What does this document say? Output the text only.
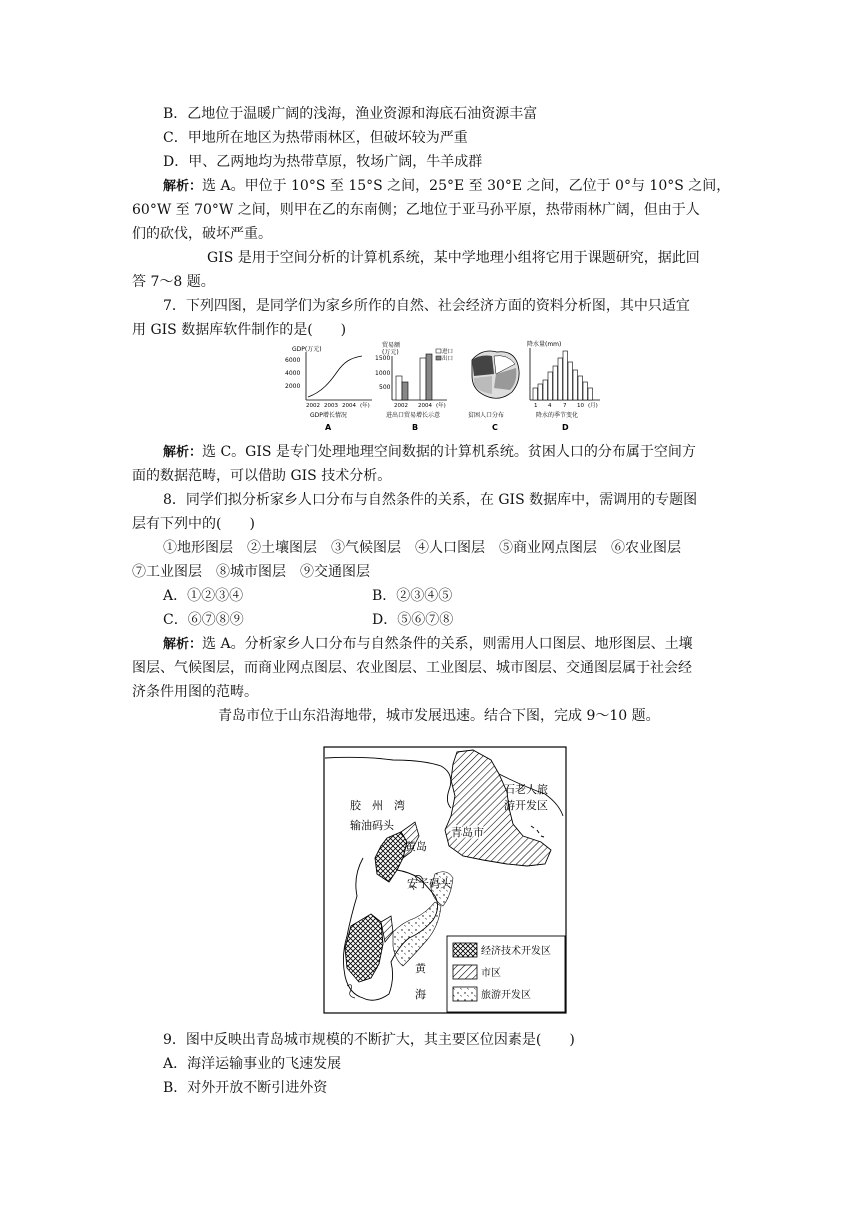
B．乙地位于温暖广阔的浅海，渔业资源和海底石油资源丰富
C．甲地所在地区为热带雨林区，但破坏较为严重
D．甲、乙两地均为热带草原，牧场广阔，牛羊成群
解析：选 A。甲位于 10°S 至 15°S 之间，25°E 至 30°E 之间，乙位于 0°与 10°S 之间，
60°W 至 70°W 之间，则甲在乙的东南侧；乙地位于亚马孙平原，热带雨林广阔，但由于人
们的砍伐，破坏严重。
GIS 是用于空间分析的计算机系统，某中学地理小组将它用于课题研究，据此回
答 7～8 题。
7．下列四图，是同学们为家乡所作的自然、社会经济方面的资料分析图，其中只适宜
用 GIS 数据库软件制作的是(　　)
GDP(万元)
6000
4000
2000
2002 2003 2004 (年)
GDP增长情况
A
贸易额
(万元)
1500
1000
500
进口
出口
2002 2004 (年)
进出口贸易增长示意
B
贫困人口分布
C
降水量(mm)
1 4 7 10 (月)
降水的季节变化
D
解析：选 C。GIS 是专门处理地理空间数据的计算机系统。贫困人口的分布属于空间方
面的数据范畴，可以借助 GIS 技术分析。
8．同学们拟分析家乡人口分布与自然条件的关系，在 GIS 数据库中，需调用的专题图
层有下列中的(　　)
①地形图层　②土壤图层　③气候图层　④人口图层　⑤商业网点图层　⑥农业图层
⑦工业图层　⑧城市图层　⑨交通图层
A．①②③④	B．②③④⑤
C．⑥⑦⑧⑨	D．⑤⑥⑦⑧
解析：选 A。分析家乡人口分布与自然条件的关系，则需用人口图层、地形图层、土壤
图层、气候图层，而商业网点图层、农业图层、工业图层、城市图层、交通图层属于社会经
济条件用图的范畴。
青岛市位于山东沿海地带，城市发展迅速。结合下图，完成 9～10 题。
胶　州　湾
输油码头
黄岛
安子码头
青岛市
石老人旅
游开发区
黄
海
经济技术开发区
市区
旅游开发区
9．图中反映出青岛城市规模的不断扩大，其主要区位因素是(　　)
A．海洋运输事业的飞速发展
B．对外开放不断引进外资
